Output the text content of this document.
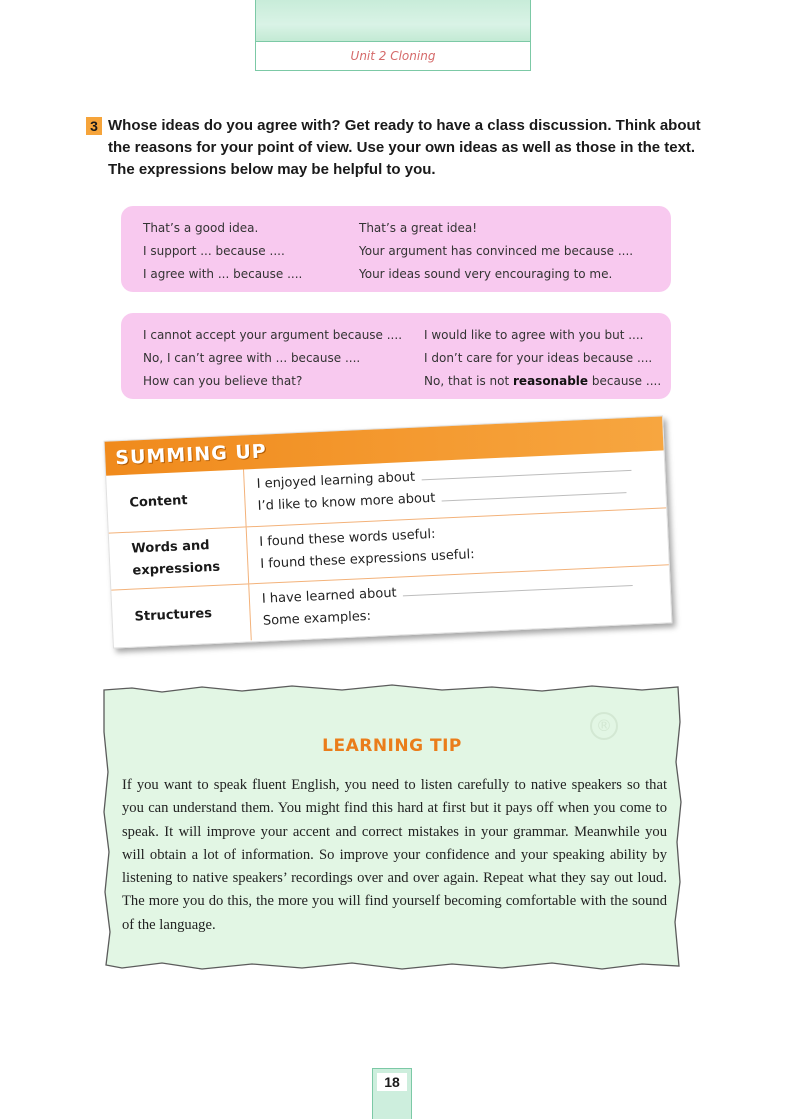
Unit 2 Cloning
3 Whose ideas do you agree with? Get ready to have a class discussion. Think about the reasons for your point of view. Use your own ideas as well as those in the text. The expressions below may be helpful to you.
That’s a good idea.
I support ... because ....
I agree with ... because ....
That’s a great idea!
Your argument has convinced me because ....
Your ideas sound very encouraging to me.
I cannot accept your argument because ....
No, I can’t agree with ... because ....
How can you believe that?
I would like to agree with you but ....
I don’t care for your ideas because ....
No, that is not reasonable because ....
SUMMING UP
Content
I enjoyed learning about
I’d like to know more about
Words and expressions
I found these words useful:
I found these expressions useful:
Structures
I have learned about
Some examples:
®
LEARNING TIP
If you want to speak fluent English, you need to listen carefully to native speakers so that you can understand them. You might find this hard at first but it pays off when you come to speak. It will improve your accent and correct mistakes in your grammar. Meanwhile you will obtain a lot of information. So improve your confidence and your speaking ability by listening to native speakers’ recordings over and over again. Repeat what they say out loud. The more you do this, the more you will find yourself becoming comfortable with the sound of the language.
18
